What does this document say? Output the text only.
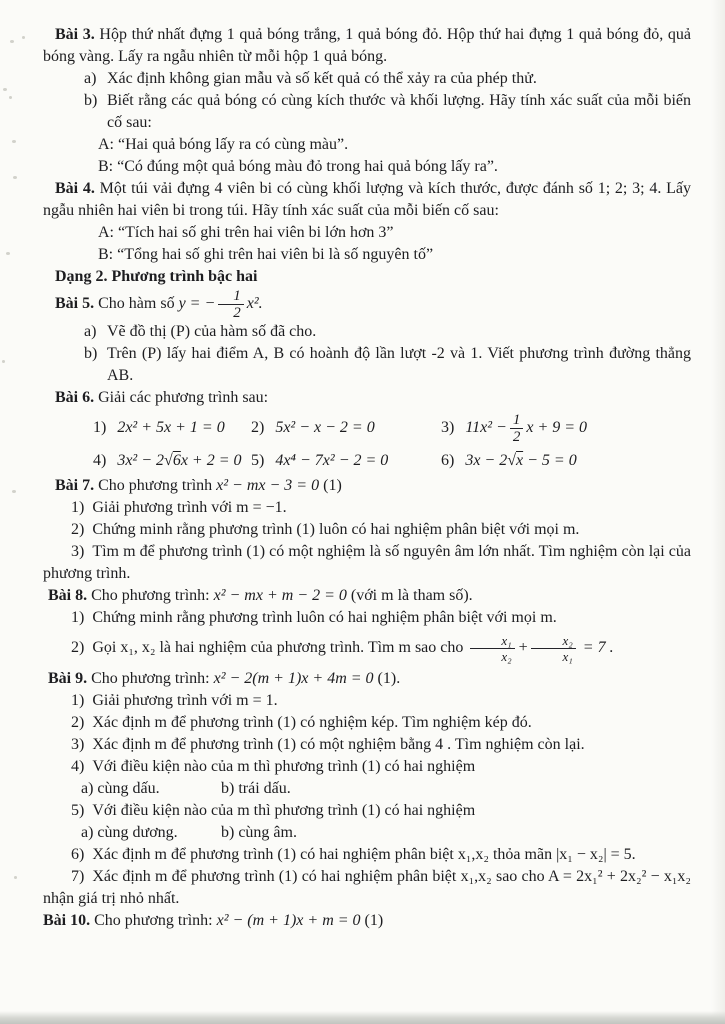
Bài 3. Hộp thứ nhất đựng 1 quả bóng trắng, 1 quả bóng đỏ. Hộp thứ hai đựng 1 quả bóng đỏ, quả bóng vàng. Lấy ra ngẫu nhiên từ mỗi hộp 1 quả bóng.

a) Xác định không gian mẫu và số kết quả có thể xảy ra của phép thử.
b) Biết rằng các quả bóng có cùng kích thước và khối lượng. Hãy tính xác suất của mỗi biến cố sau:

A: “Hai quả bóng lấy ra có cùng màu”.

B: “Có đúng một quả bóng màu đỏ trong hai quả bóng lấy ra”.

Bài 4. Một túi vải đựng 4 viên bi có cùng khối lượng và kích thước, được đánh số 1; 2; 3; 4. Lấy ngẫu nhiên hai viên bi trong túi. Hãy tính xác suất của mỗi biến cố sau:

A: “Tích hai số ghi trên hai viên bi lớn hơn 3”

B: “Tổng hai số ghi trên hai viên bi là số nguyên tố”

Dạng 2. Phương trình bậc hai

Bài 5. Cho hàm số y = − $\frac{1}{2} x^2$.

a) Vẽ đồ thị (P) của hàm số đã cho.
b) Trên (P) lấy hai điểm A, B có hoành độ lần lượt -2 và 1. Viết phương trình đường thẳng AB.

Bài 6. Giải các phương trình sau:

1) 2x² + 5x + 1 = 0	2) 5x² − x − 2 = 0	3) $11x^2 - \frac{1}{2}$ x + 9 = 0
4) 3x² − 2√6x + 2 = 0 5) 4x⁴ − 7x² − 2 = 0	6) 3x − 2√x − 5 = 0

Bài 7. Cho phương trình x² − mx − 3 = 0 (1)

1) Giải phương trình với m = −1.

2) Chứng minh rằng phương trình (1) luôn có hai nghiệm phân biệt với mọi m.

3) Tìm m để phương trình (1) có một nghiệm là số nguyên âm lớn nhất. Tìm nghiệm còn lại của phương trình.

Bài 8. Cho phương trình: x² − mx + m − 2 = 0 (với m là tham số).

1) Chứng minh rằng phương trình luôn có hai nghiệm phân biệt với mọi m.

2) Gọi x₁, x₂ là hai nghiệm của phương trình. Tìm m sao cho $\frac{\text{x₁}}{\text{x₂}} + \frac{\text{x₂}}{\text{x₁}} = 7$ .

Bài 9. Cho phương trình: x² − 2(m + 1)x + 4m = 0 (1).

1) Giải phương trình với m = 1.

2) Xác định m để phương trình (1) có nghiệm kép. Tìm nghiệm kép đó.

3) Xác định m để phương trình (1) có một nghiệm bằng 4 . Tìm nghiệm còn lại.

4) Với điều kiện nào của m thì phương trình (1) có hai nghiệm

a) cùng dấu.	b) trái dấu.

5) Với điều kiện nào của m thì phương trình (1) có hai nghiệm

a) cùng dương.	b) cùng âm.

6) Xác định m để phương trình (1) có hai nghiệm phân biệt x₁,x₂ thỏa mãn |x₁ − x₂| = 5.

7) Xác định m để phương trình (1) có hai nghiệm phân biệt x₁,x₂ sao cho A = 2x₁² + 2x₂² − x₁x₂ nhận giá trị nhỏ nhất.

Bài 10. Cho phương trình: x² − (m + 1)x + m = 0 (1)
